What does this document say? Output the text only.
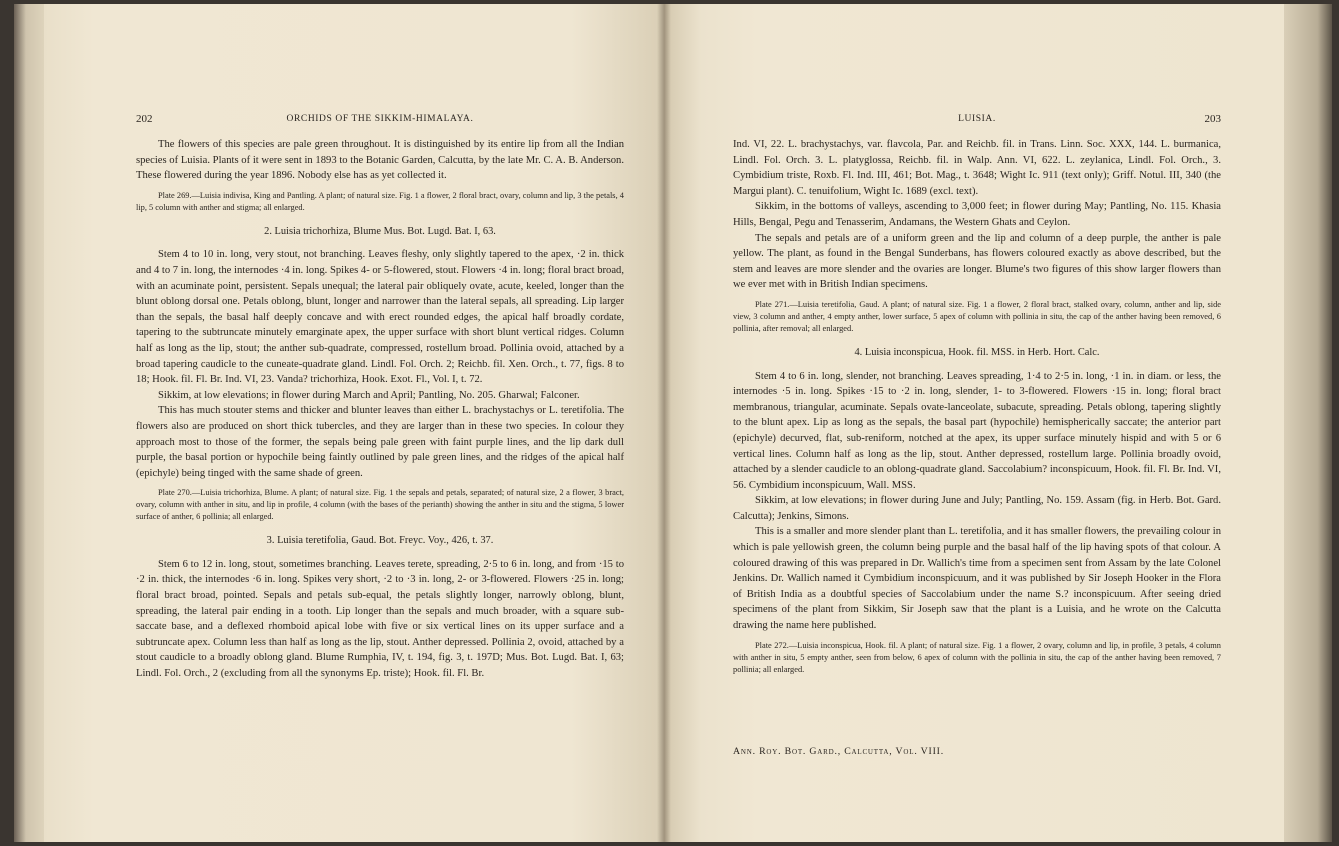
202	ORCHIDS OF THE SIKKIM-HIMALAYA.

The flowers of this species are pale green throughout. It is distinguished by its entire lip from all the Indian species of Luisia. Plants of it were sent in 1893 to the Botanic Garden, Calcutta, by the late Mr. C. A. B. Anderson. These flowered during the year 1896. Nobody else has as yet collected it.

Plate 269.—Luisia indivisa, King and Pantling. A plant; of natural size. Fig. 1 a flower, 2 floral bract, ovary, column and lip, 3 the petals, 4 lip, 5 column with anther and stigma; all enlarged.

2. Luisia trichorhiza, Blume Mus. Bot. Lugd. Bat. I, 63.

Stem 4 to 10 in. long, very stout, not branching. Leaves fleshy, only slightly tapered to the apex, ·2 in. thick and 4 to 7 in. long, the internodes ·4 in. long. Spikes 4- or 5-flowered, stout. Flowers ·4 in. long; floral bract broad, with an acuminate point, persistent. Sepals unequal; the lateral pair obliquely ovate, acute, keeled, longer than the blunt oblong dorsal one. Petals oblong, blunt, longer and narrower than the lateral sepals, all spreading. Lip larger than the sepals, the basal half deeply concave and with erect rounded edges, the apical half broadly cordate, tapering to the subtruncate minutely emarginate apex, the upper surface with short blunt vertical ridges. Column half as long as the lip, stout; the anther sub-quadrate, compressed, rostellum broad. Pollinia ovoid, attached by a broad tapering caudicle to the cuneate-quadrate gland. Lindl. Fol. Orch. 2; Reichb. fil. Xen. Orch., t. 77, figs. 8 to 18; Hook. fil. Fl. Br. Ind. VI, 23. Vanda? trichorhiza, Hook. Exot. Fl., Vol. I, t. 72.

Sikkim, at low elevations; in flower during March and April; Pantling, No. 205. Gharwal; Falconer.

This has much stouter stems and thicker and blunter leaves than either L. brachystachys or L. teretifolia. The flowers also are produced on short thick tubercles, and they are larger than in these two species. In colour they approach most to those of the former, the sepals being pale green with faint purple lines, and the lip dark dull purple, the basal portion or hypochile being faintly outlined by pale green lines, and the ridges of the apical half (epichyle) being tinged with the same shade of green.

Plate 270.—Luisia trichorhiza, Blume. A plant; of natural size. Fig. 1 the sepals and petals, separated; of natural size, 2 a flower, 3 bract, ovary, column with anther in situ, and lip in profile, 4 column (with the bases of the perianth) showing the anther in situ and the stigma, 5 lower surface of anther, 6 pollinia; all enlarged.

3. Luisia teretifolia, Gaud. Bot. Freyc. Voy., 426, t. 37.

Stem 6 to 12 in. long, stout, sometimes branching. Leaves terete, spreading, 2·5 to 6 in. long, and from ·15 to ·2 in. thick, the internodes ·6 in. long. Spikes very short, ·2 to ·3 in. long, 2- or 3-flowered. Flowers ·25 in. long; floral bract broad, pointed. Sepals and petals sub-equal, the petals slightly longer, narrowly oblong, blunt, spreading, the lateral pair ending in a tooth. Lip longer than the sepals and much broader, with a square sub-saccate base, and a deflexed rhomboid apical lobe with five or six vertical lines on its upper surface and a subtruncate apex. Column less than half as long as the lip, stout. Anther depressed. Pollinia 2, ovoid, attached by a stout caudicle to a broadly oblong gland. Blume Rumphia, IV, t. 194, fig. 3, t. 197D; Mus. Bot. Lugd. Bat. I, 63; Lindl. Fol. Orch., 2 (excluding from all the synonyms Ep. triste); Hook. fil. Fl. Br.

LUISIA.	203

Ind. VI, 22. L. brachystachys, var. flavcola, Par. and Reichb. fil. in Trans. Linn. Soc. XXX, 144. L. burmanica, Lindl. Fol. Orch. 3. L. platyglossa, Reichb. fil. in Walp. Ann. VI, 622. L. zeylanica, Lindl. Fol. Orch., 3. Cymbidium triste, Roxb. Fl. Ind. III, 461; Bot. Mag., t. 3648; Wight Ic. 911 (text only); Griff. Notul. III, 340 (the Margui plant). C. tenuifolium, Wight Ic. 1689 (excl. text).

Sikkim, in the bottoms of valleys, ascending to 3,000 feet; in flower during May; Pantling, No. 115. Khasia Hills, Bengal, Pegu and Tenasserim, Andamans, the Western Ghats and Ceylon.

The sepals and petals are of a uniform green and the lip and column of a deep purple, the anther is pale yellow. The plant, as found in the Bengal Sunderbans, has flowers coloured exactly as above described, but the stem and leaves are more slender and the ovaries are longer. Blume's two figures of this show larger flowers than we ever met with in British Indian specimens.

Plate 271.—Luisia teretifolia, Gaud. A plant; of natural size. Fig. 1 a flower, 2 floral bract, stalked ovary, column, anther and lip, side view, 3 column and anther, 4 empty anther, lower surface, 5 apex of column with pollinia in situ, the cap of the anther having been removed, 6 pollinia, after removal; all enlarged.

4. Luisia inconspicua, Hook. fil. MSS. in Herb. Hort. Calc.

Stem 4 to 6 in. long, slender, not branching. Leaves spreading, 1·4 to 2·5 in. long, ·1 in. in diam. or less, the internodes ·5 in. long. Spikes ·15 to ·2 in. long, slender, 1- to 3-flowered. Flowers ·15 in. long; floral bract membranous, triangular, acuminate. Sepals ovate-lanceolate, subacute, spreading. Petals oblong, tapering slightly to the blunt apex. Lip as long as the sepals, the basal part (hypochile) hemispherically saccate; the anterior part (epichyle) decurved, flat, sub-reniform, notched at the apex, its upper surface minutely hispid and with 5 or 6 vertical lines. Column half as long as the lip, stout. Anther depressed, rostellum large. Pollinia broadly ovoid, attached by a slender caudicle to an oblong-quadrate gland. Saccolabium? inconspicuum, Hook. fil. Fl. Br. Ind. VI, 56. Cymbidium inconspicuum, Wall. MSS.

Sikkim, at low elevations; in flower during June and July; Pantling, No. 159. Assam (fig. in Herb. Bot. Gard. Calcutta); Jenkins, Simons.

This is a smaller and more slender plant than L. teretifolia, and it has smaller flowers, the prevailing colour in which is pale yellowish green, the column being purple and the basal half of the lip having spots of that colour. A coloured drawing of this was prepared in Dr. Wallich's time from a specimen sent from Assam by the late Colonel Jenkins. Dr. Wallich named it Cymbidium inconspicuum, and it was published by Sir Joseph Hooker in the Flora of British India as a doubtful species of Saccolabium under the name S.? inconspicuum. After seeing dried specimens of the plant from Sikkim, Sir Joseph saw that the plant is a Luisia, and he wrote on the Calcutta drawing the name here published.

Plate 272.—Luisia inconspicua, Hook. fil. A plant; of natural size. Fig. 1 a flower, 2 ovary, column and lip, in profile, 3 petals, 4 column with anther in situ, 5 empty anther, seen from below, 6 apex of column with the pollinia in situ, the cap of the anther having been removed, 7 pollinia; all enlarged.

Ann. Roy. Bot. Gard., Calcutta, Vol. VIII.
